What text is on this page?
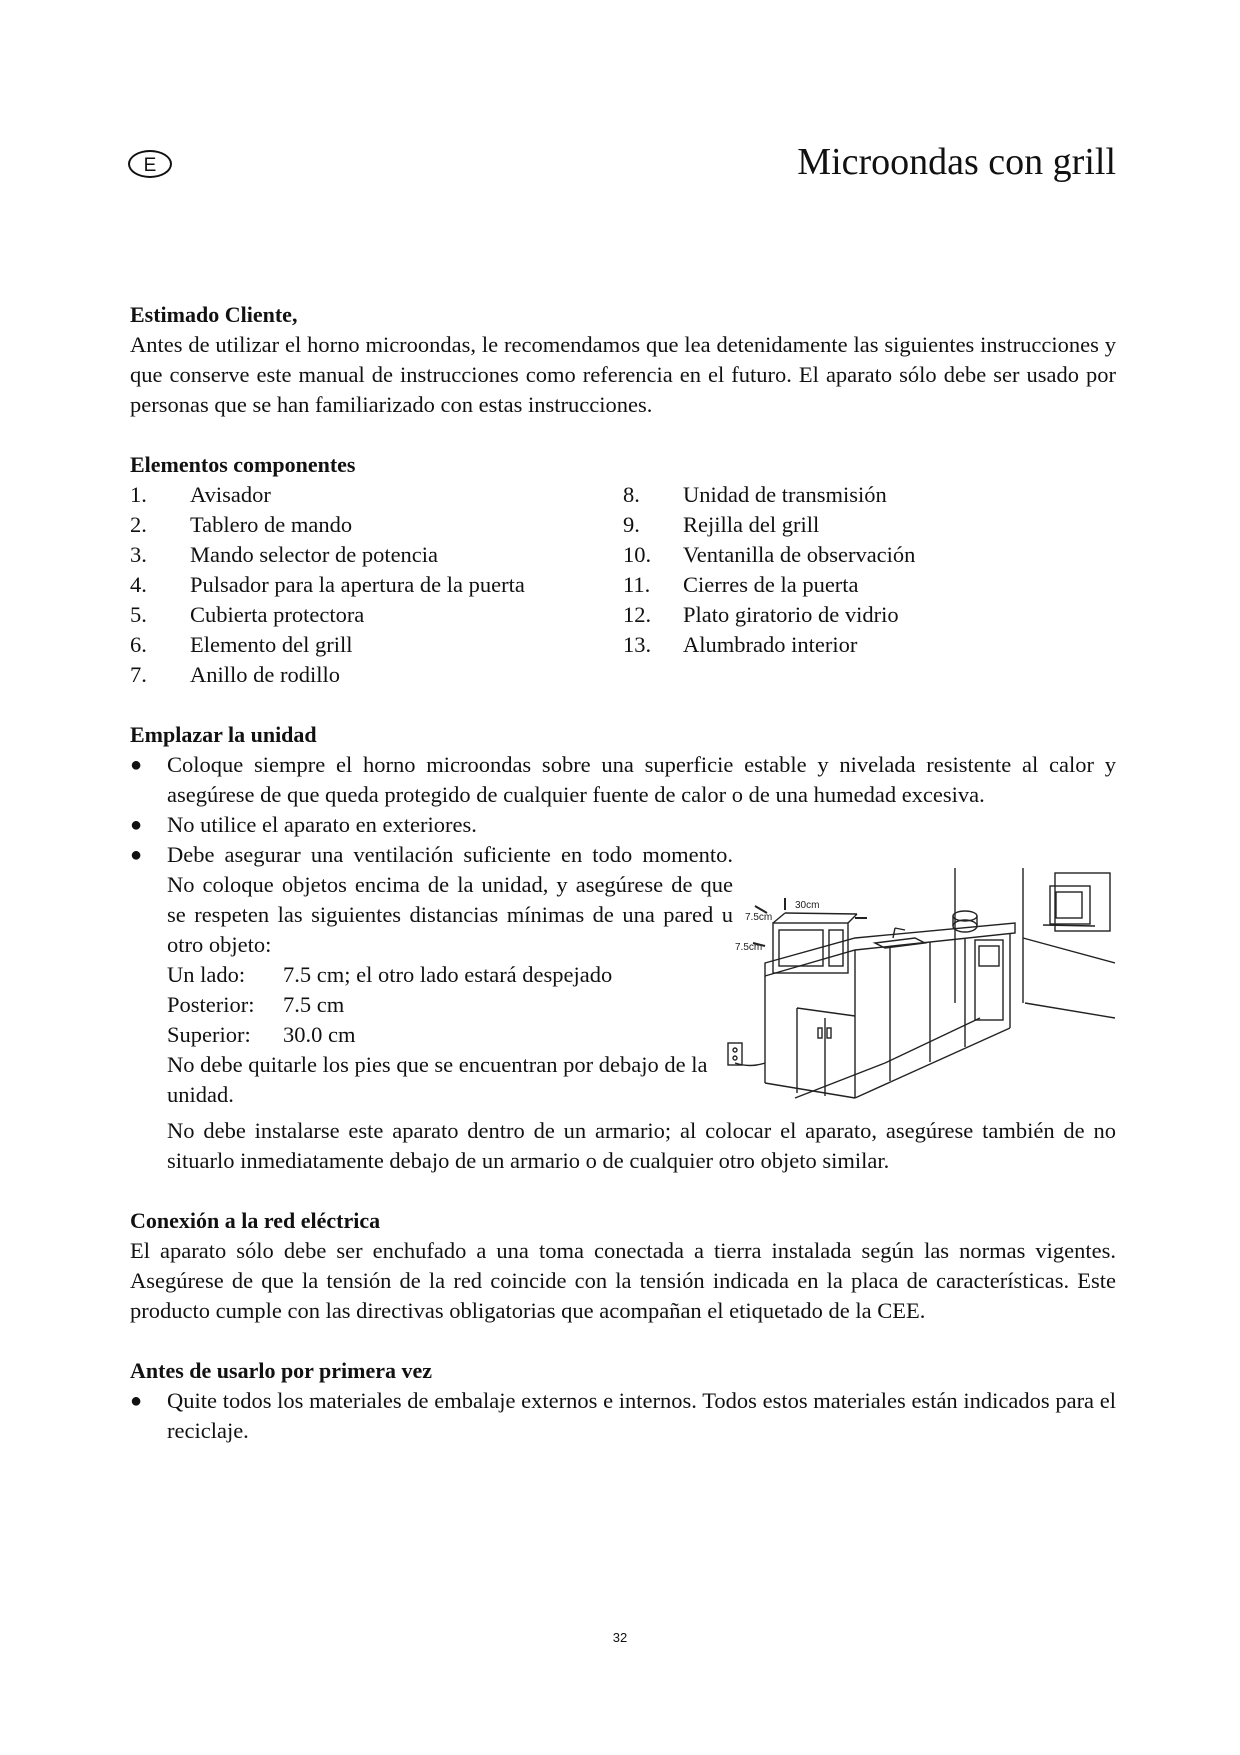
E	Microondas con grill
Estimado Cliente,

Antes de utilizar el horno microondas, le recomendamos que lea detenidamente las siguientes instrucciones y que conserve este manual de instrucciones como referencia en el futuro. El aparato sólo debe ser usado por personas que se han familiarizado con estas instrucciones.

Elementos componentes
1.	Avisador
2.	Tablero de mando
3.	Mando selector de potencia
4.	Pulsador para la apertura de la puerta
5.	Cubierta protectora
6.	Elemento del grill
7.	Anillo de rodillo
8.	Unidad de transmisión
9.	Rejilla del grill
10.	Ventanilla de observación
11.	Cierres de la puerta
12.	Plato giratorio de vidrio
13.	Alumbrado interior
Emplazar la unidad
●	Coloque siempre el horno microondas sobre una superficie estable y nivelada resistente al calor y asegúrese de que queda protegido de cualquier fuente de calor o de una humedad excesiva.
●	No utilice el aparato en exteriores.
●	Debe asegurar una ventilación suficiente en todo momento. No coloque objetos encima de la unidad, y asegúrese de que se respeten las siguientes distancias mínimas de una pared u otro objeto:
Un lado:	7.5 cm; el otro lado estará despejado
Posterior:	7.5 cm
Superior:	30.0 cm
No debe quitarle los pies que se encuentran por debajo de la unidad.
30cm
7.5cm
7.5cm

No debe instalarse este aparato dentro de un armario; al colocar el aparato, asegúrese también de no situarlo inmediatamente debajo de un armario o de cualquier otro objeto similar.

Conexión a la red eléctrica

El aparato sólo debe ser enchufado a una toma conectada a tierra instalada según las normas vigentes. Asegúrese de que la tensión de la red coincide con la tensión indicada en la placa de características. Este producto cumple con las directivas obligatorias que acompañan el etiquetado de la CEE.

Antes de usarlo por primera vez
●	Quite todos los materiales de embalaje externos e internos. Todos estos materiales están indicados para el reciclaje.
32
